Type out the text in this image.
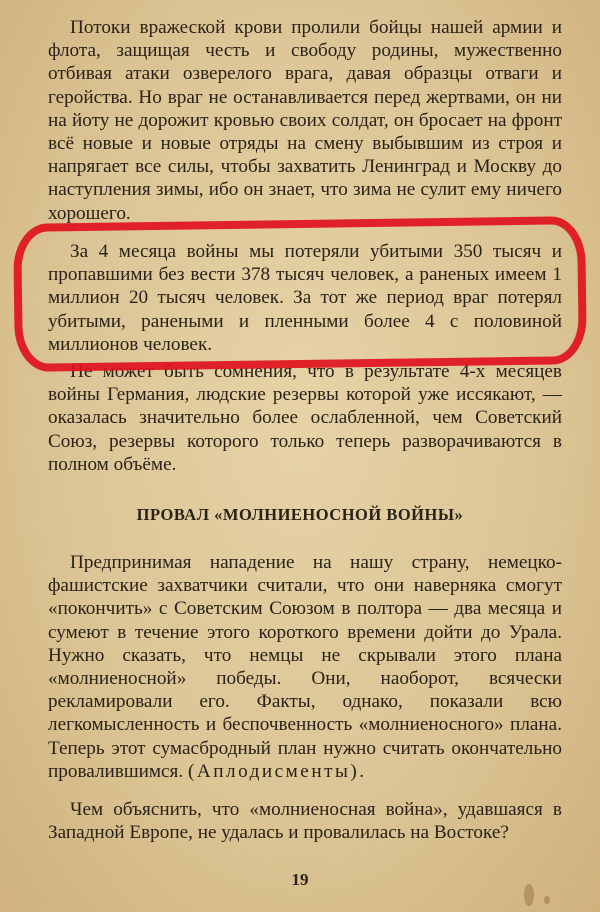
Потоки вражеской крови пролили бойцы нашей армии и флота, защищая честь и свободу родины, мужественно отбивая атаки озверелого врага, давая образцы отваги и геройства. Но враг не останавливается перед жертвами, он ни на йоту не дорожит кровью своих солдат, он бросает на фронт всё новые и новые отряды на смену выбывшим из строя и напрягает все силы, чтобы захватить Ленинград и Москву до наступления зимы, ибо он знает, что зима не сулит ему ничего хорошего.

За 4 месяца войны мы потеряли убитыми 350 тысяч и пропавшими без вести 378 тысяч человек, а раненых имеем 1 миллион 20 тысяч человек. За тот же период враг потерял убитыми, ранеными и пленными более 4 с половиной миллионов человек.

Не может быть сомнения, что в результате 4-х месяцев войны Германия, людские резервы которой уже иссякают, — оказалась значительно более ослабленной, чем Советский Союз, резервы которого только теперь разворачиваются в полном объёме.

Предпринимая нападение на нашу страну, немецко-фашистские захватчики считали, что они наверняка смогут «покончить» с Советским Союзом в полтора — два месяца и сумеют в течение этого короткого времени дойти до Урала. Нужно сказать, что немцы не скрывали этого плана «молниеносной» победы. Они, наоборот, всячески рекламировали его. Факты, однако, показали всю легкомысленность и беспочвенность «молниеносного» плана. Теперь этот сумасбродный план нужно считать окончательно провалившимся. (Аплодисменты).

Чем объяснить, что «молниеносная война», удавшаяся в Западной Европе, не удалась и провалилась на Востоке?

ПРОВАЛ «МОЛНИЕНОСНОЙ ВОЙНЫ»
19
